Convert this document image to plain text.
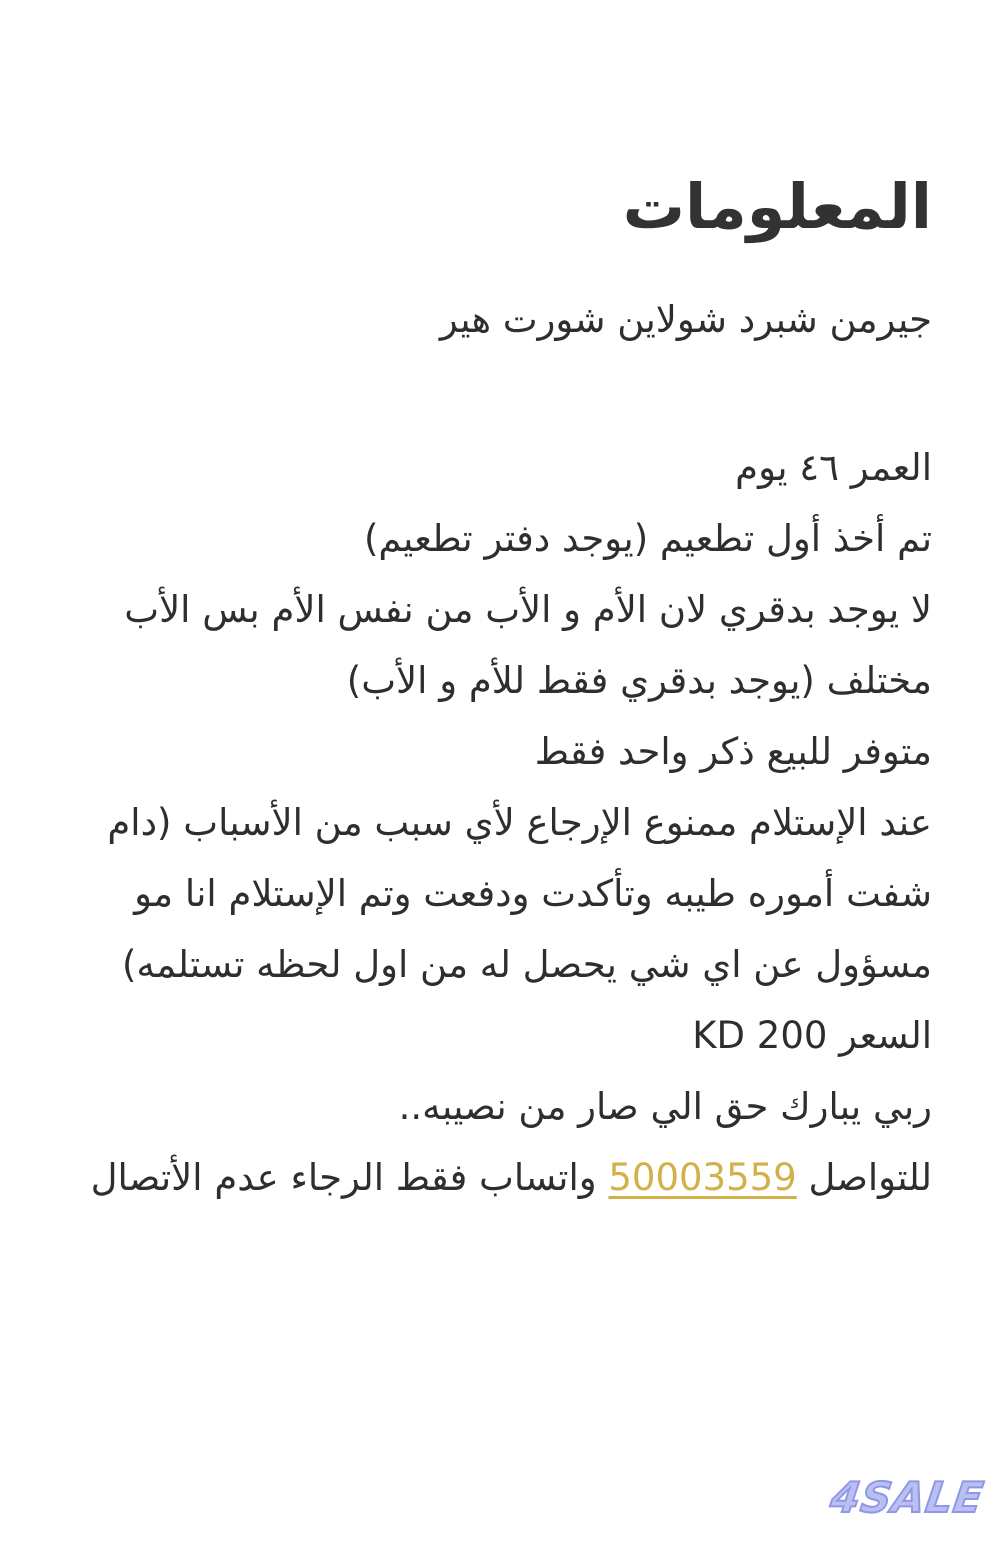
المعلومات
جيرمن شبرد شولاين شورت هير
العمر ٤٦ يوم
تم أخذ أول تطعيم (يوجد دفتر تطعيم)
لا يوجد بدقري لان الأم و الأب من نفس الأم بس الأب مختلف (يوجد بدقري فقط للأم و الأب)
متوفر للبيع ذكر واحد فقط
عند الإستلام ممنوع الإرجاع لأي سبب من الأسباب (دام شفت أموره طيبه وتأكدت ودفعت وتم الإستلام انا مو مسؤول عن اي شي يحصل له من اول لحظه تستلمه)
السعر KD 200
ربي يبارك حق الي صار من نصيبه..
للتواصل 50003559 واتساب فقط الرجاء عدم الأتصال
4SALE
